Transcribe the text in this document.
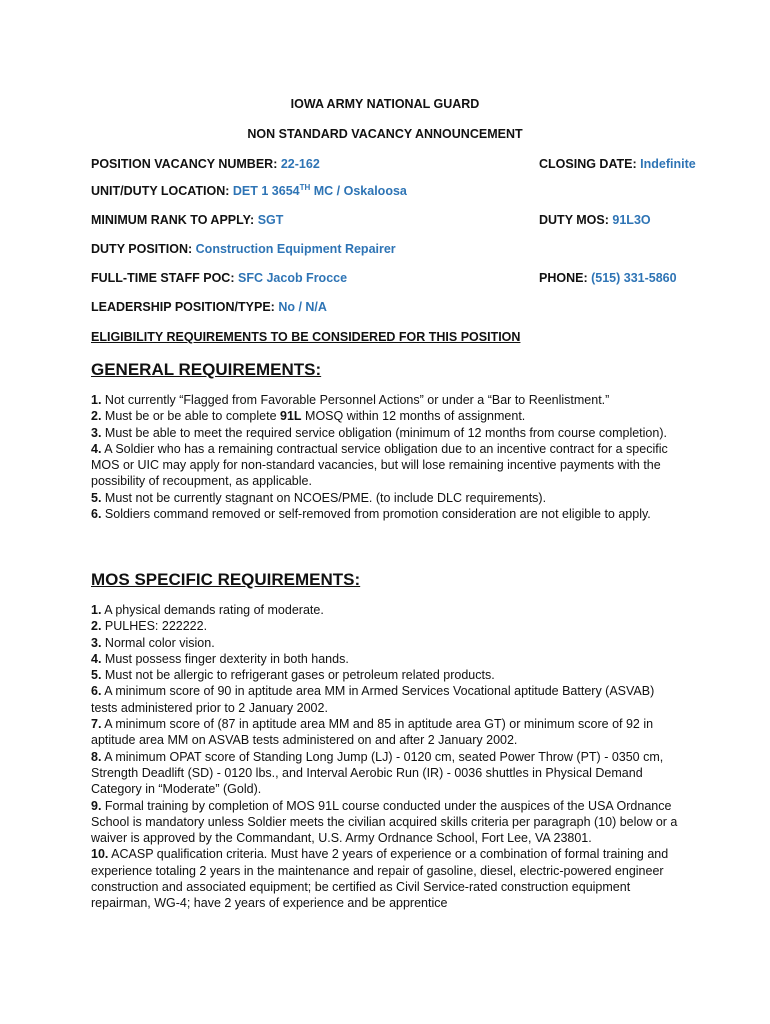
IOWA ARMY NATIONAL GUARD
NON STANDARD VACANCY ANNOUNCEMENT
POSITION VACANCY NUMBER: 22-162	CLOSING DATE: Indefinite
UNIT/DUTY LOCATION: DET 1 3654TH MC / Oskaloosa
MINIMUM RANK TO APPLY: SGT	DUTY MOS: 91L3O
DUTY POSITION: Construction Equipment Repairer
FULL-TIME STAFF POC: SFC Jacob Frocce	PHONE: (515) 331-5860
LEADERSHIP POSITION/TYPE: No / N/A
ELIGIBILITY REQUIREMENTS TO BE CONSIDERED FOR THIS POSITION
GENERAL REQUIREMENTS:
1. Not currently “Flagged from Favorable Personnel Actions” or under a “Bar to Reenlistment.”
2. Must be or be able to complete 91L MOSQ within 12 months of assignment.
3. Must be able to meet the required service obligation (minimum of 12 months from course completion).
4. A Soldier who has a remaining contractual service obligation due to an incentive contract for a specific MOS or UIC may apply for non-standard vacancies, but will lose remaining incentive payments with the possibility of recoupment, as applicable.
5. Must not be currently stagnant on NCOES/PME. (to include DLC requirements).
6. Soldiers command removed or self-removed from promotion consideration are not eligible to apply.
MOS SPECIFIC REQUIREMENTS:
1. A physical demands rating of moderate.
2. PULHES: 222222.
3. Normal color vision.
4. Must possess finger dexterity in both hands.
5. Must not be allergic to refrigerant gases or petroleum related products.
6. A minimum score of 90 in aptitude area MM in Armed Services Vocational aptitude Battery (ASVAB) tests administered prior to 2 January 2002.
7. A minimum score of (87 in aptitude area MM and 85 in aptitude area GT) or minimum score of 92 in aptitude area MM on ASVAB tests administered on and after 2 January 2002.
8. A minimum OPAT score of Standing Long Jump (LJ) - 0120 cm, seated Power Throw (PT) - 0350 cm, Strength Deadlift (SD) - 0120 lbs., and Interval Aerobic Run (IR) - 0036 shuttles in Physical Demand Category in “Moderate” (Gold).
9. Formal training by completion of MOS 91L course conducted under the auspices of the USA Ordnance School is mandatory unless Soldier meets the civilian acquired skills criteria per paragraph (10) below or a waiver is approved by the Commandant, U.S. Army Ordnance School, Fort Lee, VA 23801.
10. ACASP qualification criteria. Must have 2 years of experience or a combination of formal training and experience totaling 2 years in the maintenance and repair of gasoline, diesel, electric-powered engineer construction and associated equipment; be certified as Civil Service-rated construction equipment repairman, WG-4; have 2 years of experience and be apprentice
